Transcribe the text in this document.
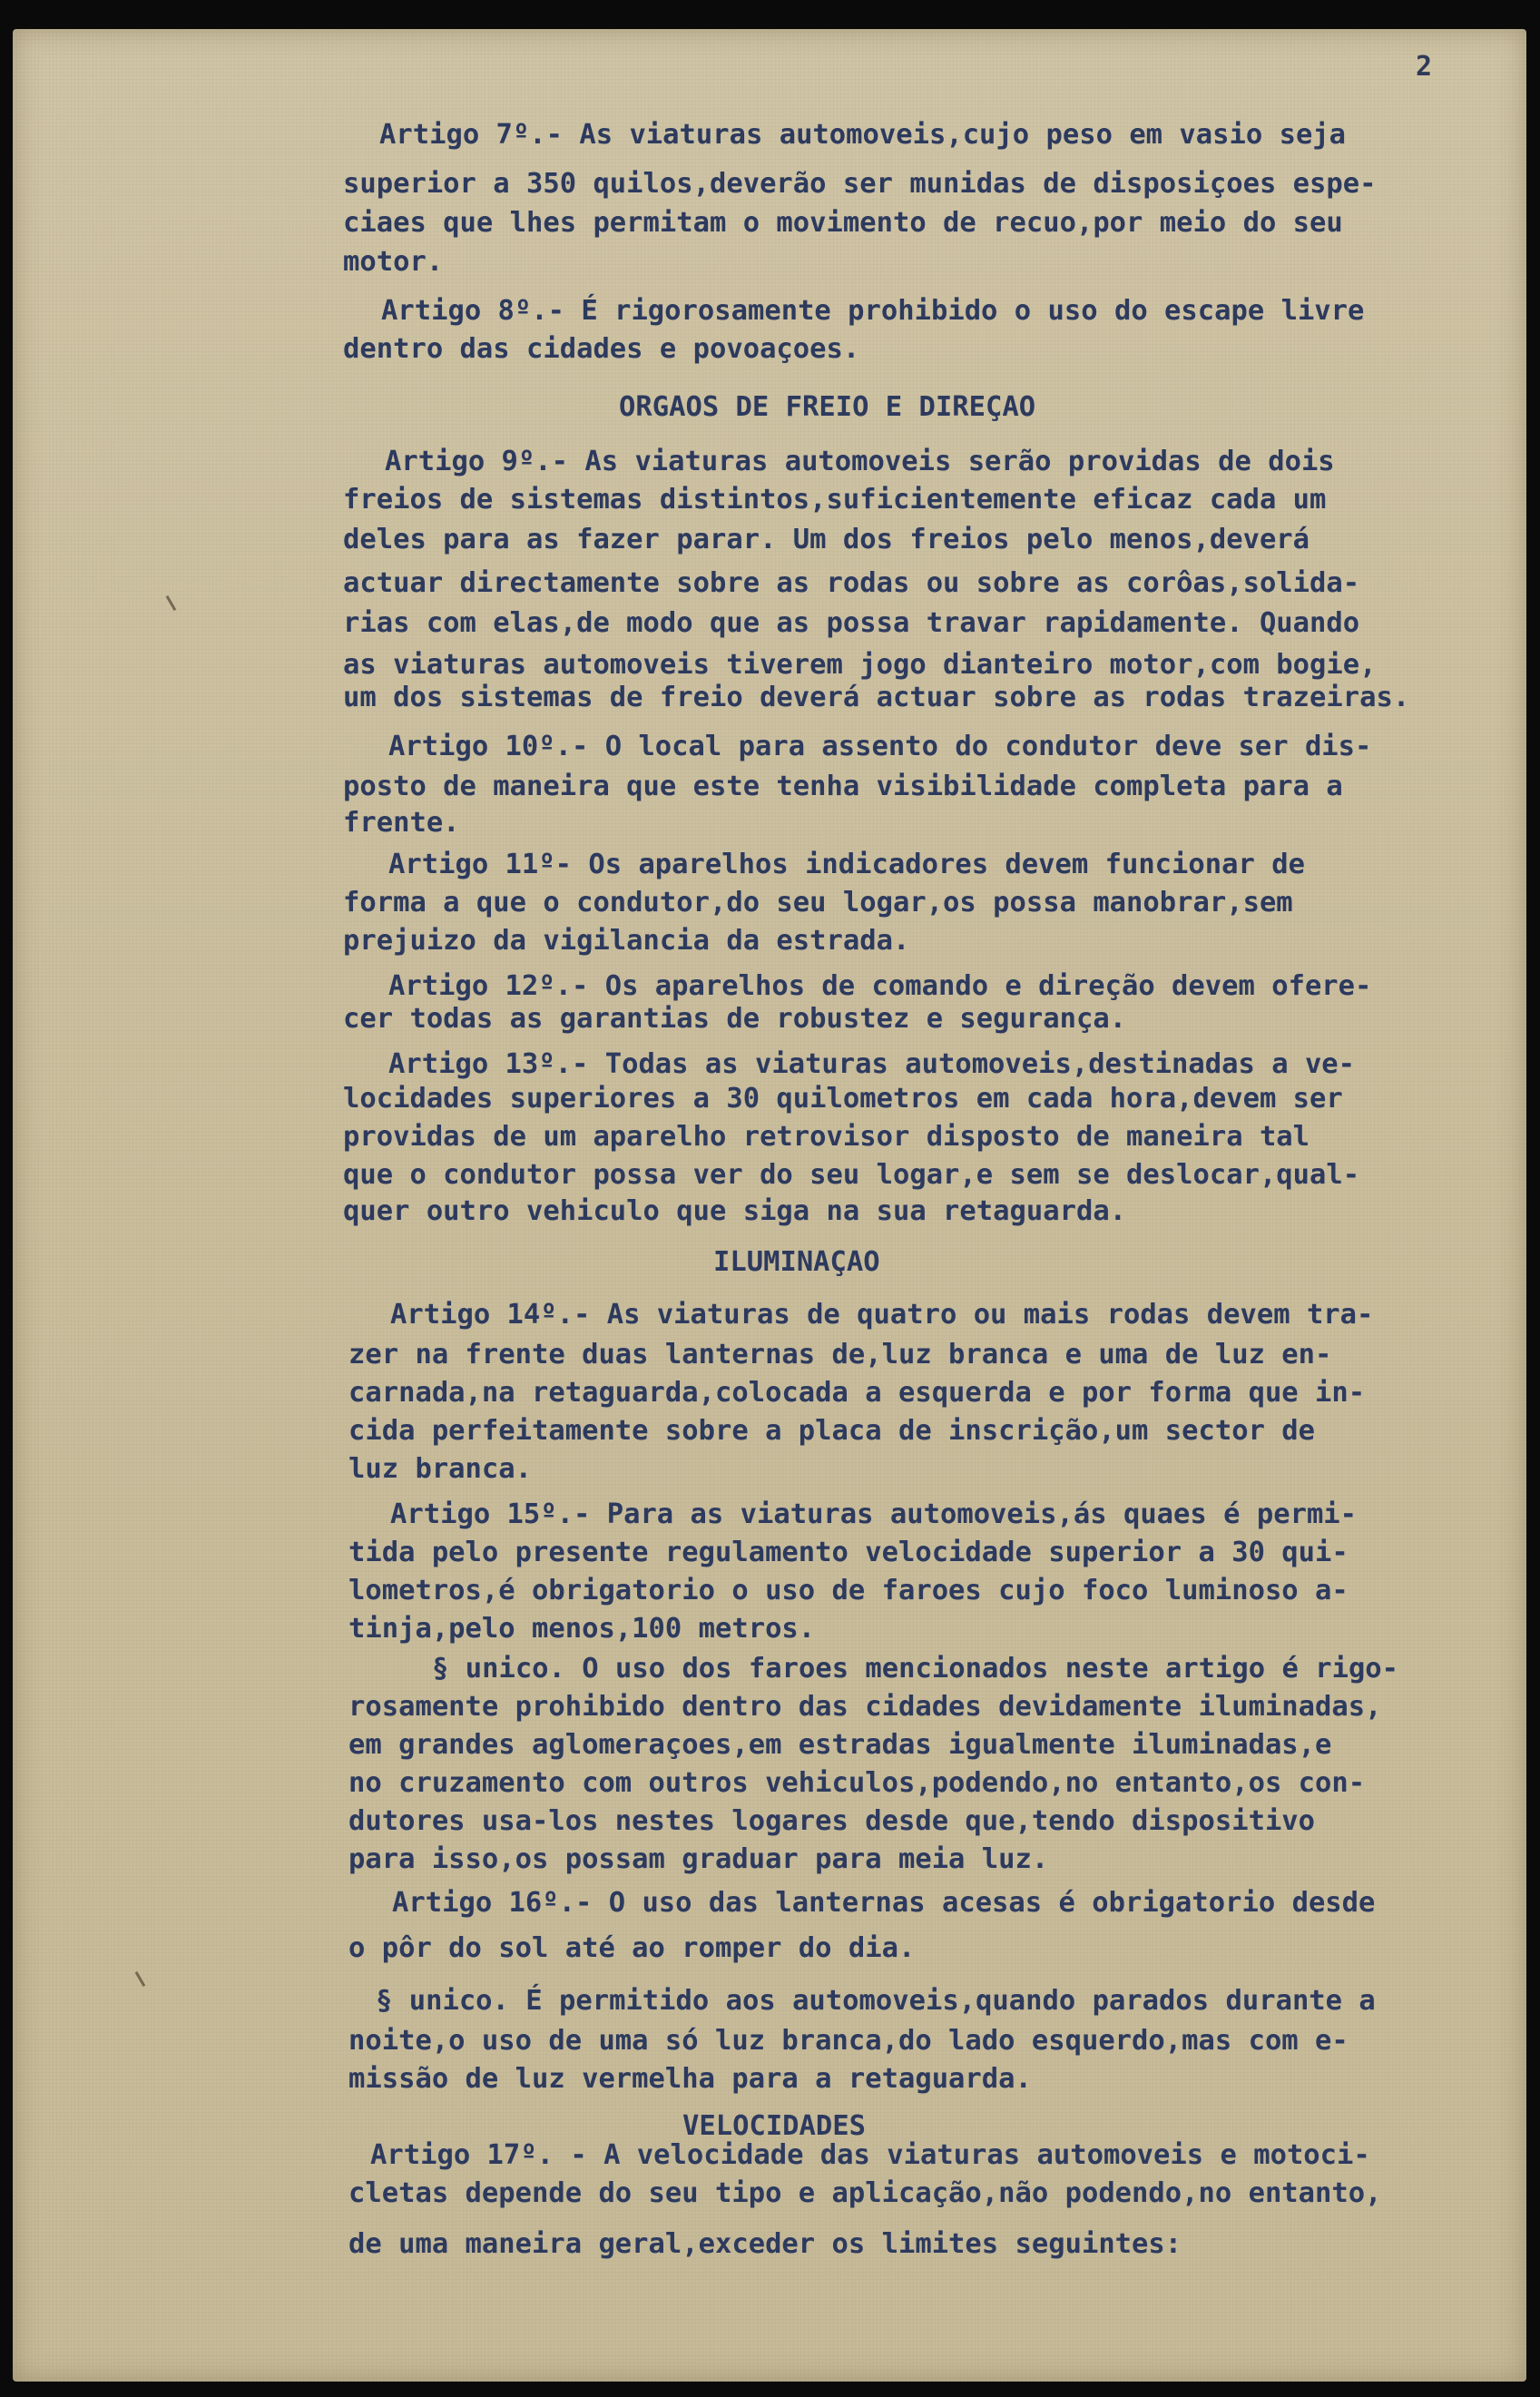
2
Artigo 7º.- As viaturas automoveis,cujo peso em vasio seja
superior a 350 quilos,deverão ser munidas de disposiçoes espe-
ciaes que lhes permitam o movimento de recuo,por meio do seu
motor.
Artigo 8º.- É rigorosamente prohibido o uso do escape livre
dentro das cidades e povoaçoes.
ORGAOS DE FREIO E DIREÇAO
Artigo 9º.- As viaturas automoveis serão providas de dois
freios de sistemas distintos,suficientemente eficaz cada um
deles para as fazer parar. Um dos freios pelo menos,deverá
actuar directamente sobre as rodas ou sobre as corôas,solida-
rias com elas,de modo que as possa travar rapidamente. Quando
as viaturas automoveis tiverem jogo dianteiro motor,com bogie,
um dos sistemas de freio deverá actuar sobre as rodas trazeiras.
Artigo 10º.- O local para assento do condutor deve ser dis-
posto de maneira que este tenha visibilidade completa para a
frente.
Artigo 11º- Os aparelhos indicadores devem funcionar de
forma a que o condutor,do seu logar,os possa manobrar,sem
prejuizo da vigilancia da estrada.
Artigo 12º.- Os aparelhos de comando e direção devem ofere-
cer todas as garantias de robustez e segurança.
Artigo 13º.- Todas as viaturas automoveis,destinadas a ve-
locidades superiores a 30 quilometros em cada hora,devem ser
providas de um aparelho retrovisor disposto de maneira tal
que o condutor possa ver do seu logar,e sem se deslocar,qual-
quer outro vehiculo que siga na sua retaguarda.
ILUMINAÇAO
Artigo 14º.- As viaturas de quatro ou mais rodas devem tra-
zer na frente duas lanternas de,luz branca e uma de luz en-
carnada,na retaguarda,colocada a esquerda e por forma que in-
cida perfeitamente sobre a placa de inscrição,um sector de
luz branca.
Artigo 15º.- Para as viaturas automoveis,ás quaes é permi-
tida pelo presente regulamento velocidade superior a 30 qui-
lometros,é obrigatorio o uso de faroes cujo foco luminoso a-
tinja,pelo menos,100 metros.
§ unico. O uso dos faroes mencionados neste artigo é rigo-
rosamente prohibido dentro das cidades devidamente iluminadas,
em grandes aglomeraçoes,em estradas igualmente iluminadas,e
no cruzamento com outros vehiculos,podendo,no entanto,os con-
dutores usa-los nestes logares desde que,tendo dispositivo
para isso,os possam graduar para meia luz.
Artigo 16º.- O uso das lanternas acesas é obrigatorio desde
o pôr do sol até ao romper do dia.
§ unico. É permitido aos automoveis,quando parados durante a
noite,o uso de uma só luz branca,do lado esquerdo,mas com e-
missão de luz vermelha para a retaguarda.
VELOCIDADES
Artigo 17º. - A velocidade das viaturas automoveis e motoci-
cletas depende do seu tipo e aplicação,não podendo,no entanto,
de uma maneira geral,exceder os limites seguintes:
